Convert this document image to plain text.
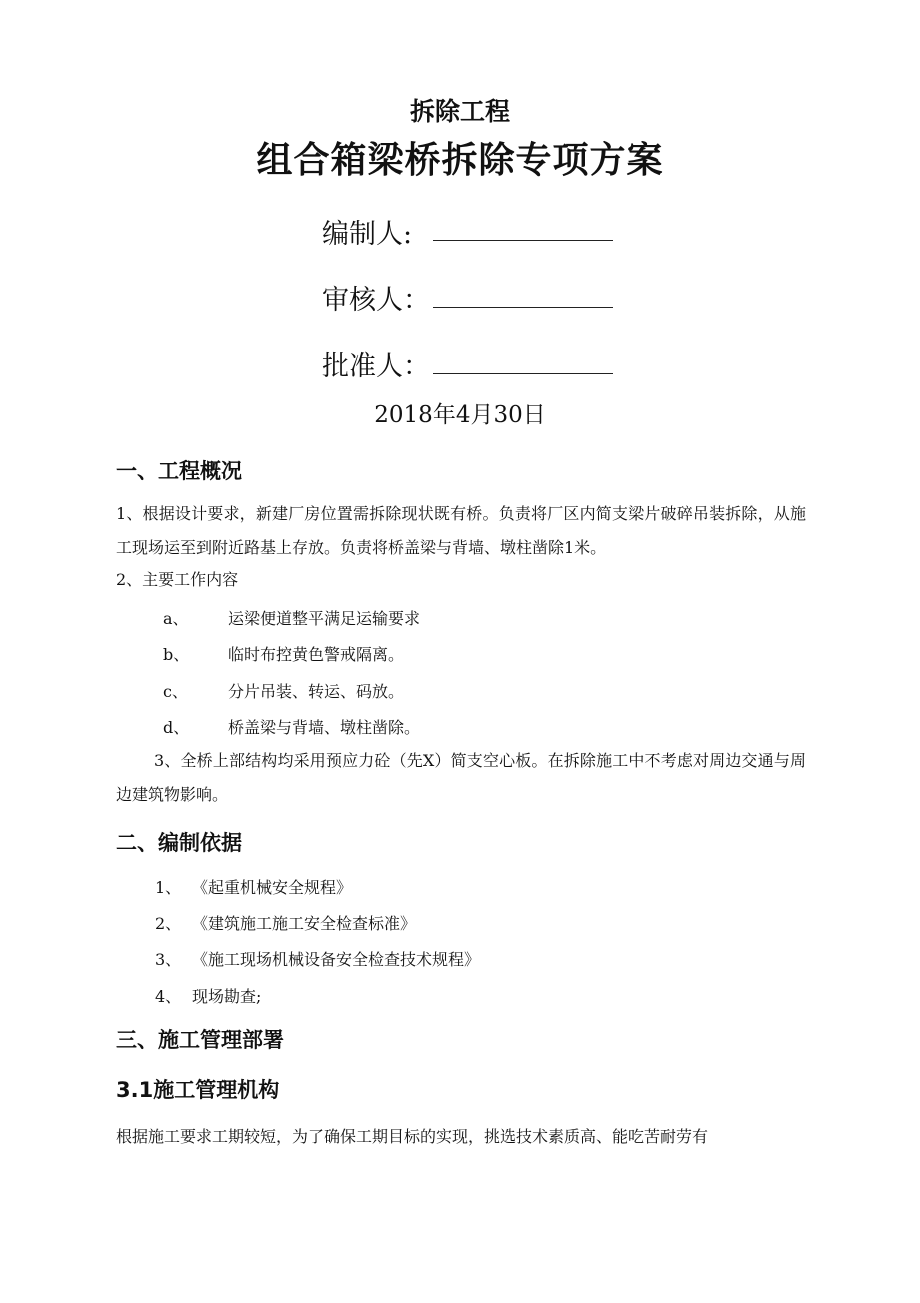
拆除工程
组合箱梁桥拆除专项方案
编制人:
审核人：
批准人：
2018年4月30日
一、工程概况
1、根据设计要求，新建厂房位置需拆除现状既有桥。负责将厂区内简支梁片破碎吊装拆除，从施工现场运至到附近路基上存放。负责将桥盖梁与背墙、墩柱凿除1米。
2、主要工作内容
a、 运梁便道整平满足运输要求
b、 临时布控黄色警戒隔离。
c、	分片吊装、转运、码放。
d、 桥盖梁与背墙、墩柱凿除。
3、全桥上部结构均采用预应力砼（先X）简支空心板。在拆除施工中不考虑对周边交通与周边建筑物影响。
二、编制依据
1、 《起重机械安全规程》
2、 《建筑施工施工安全检查标准》
3、 《施工现场机械设备安全检查技术规程》
4、 现场勘查;
三、施工管理部署
3.1施工管理机构
根据施工要求工期较短，为了确保工期目标的实现，挑选技术素质高、能吃苦耐劳有
